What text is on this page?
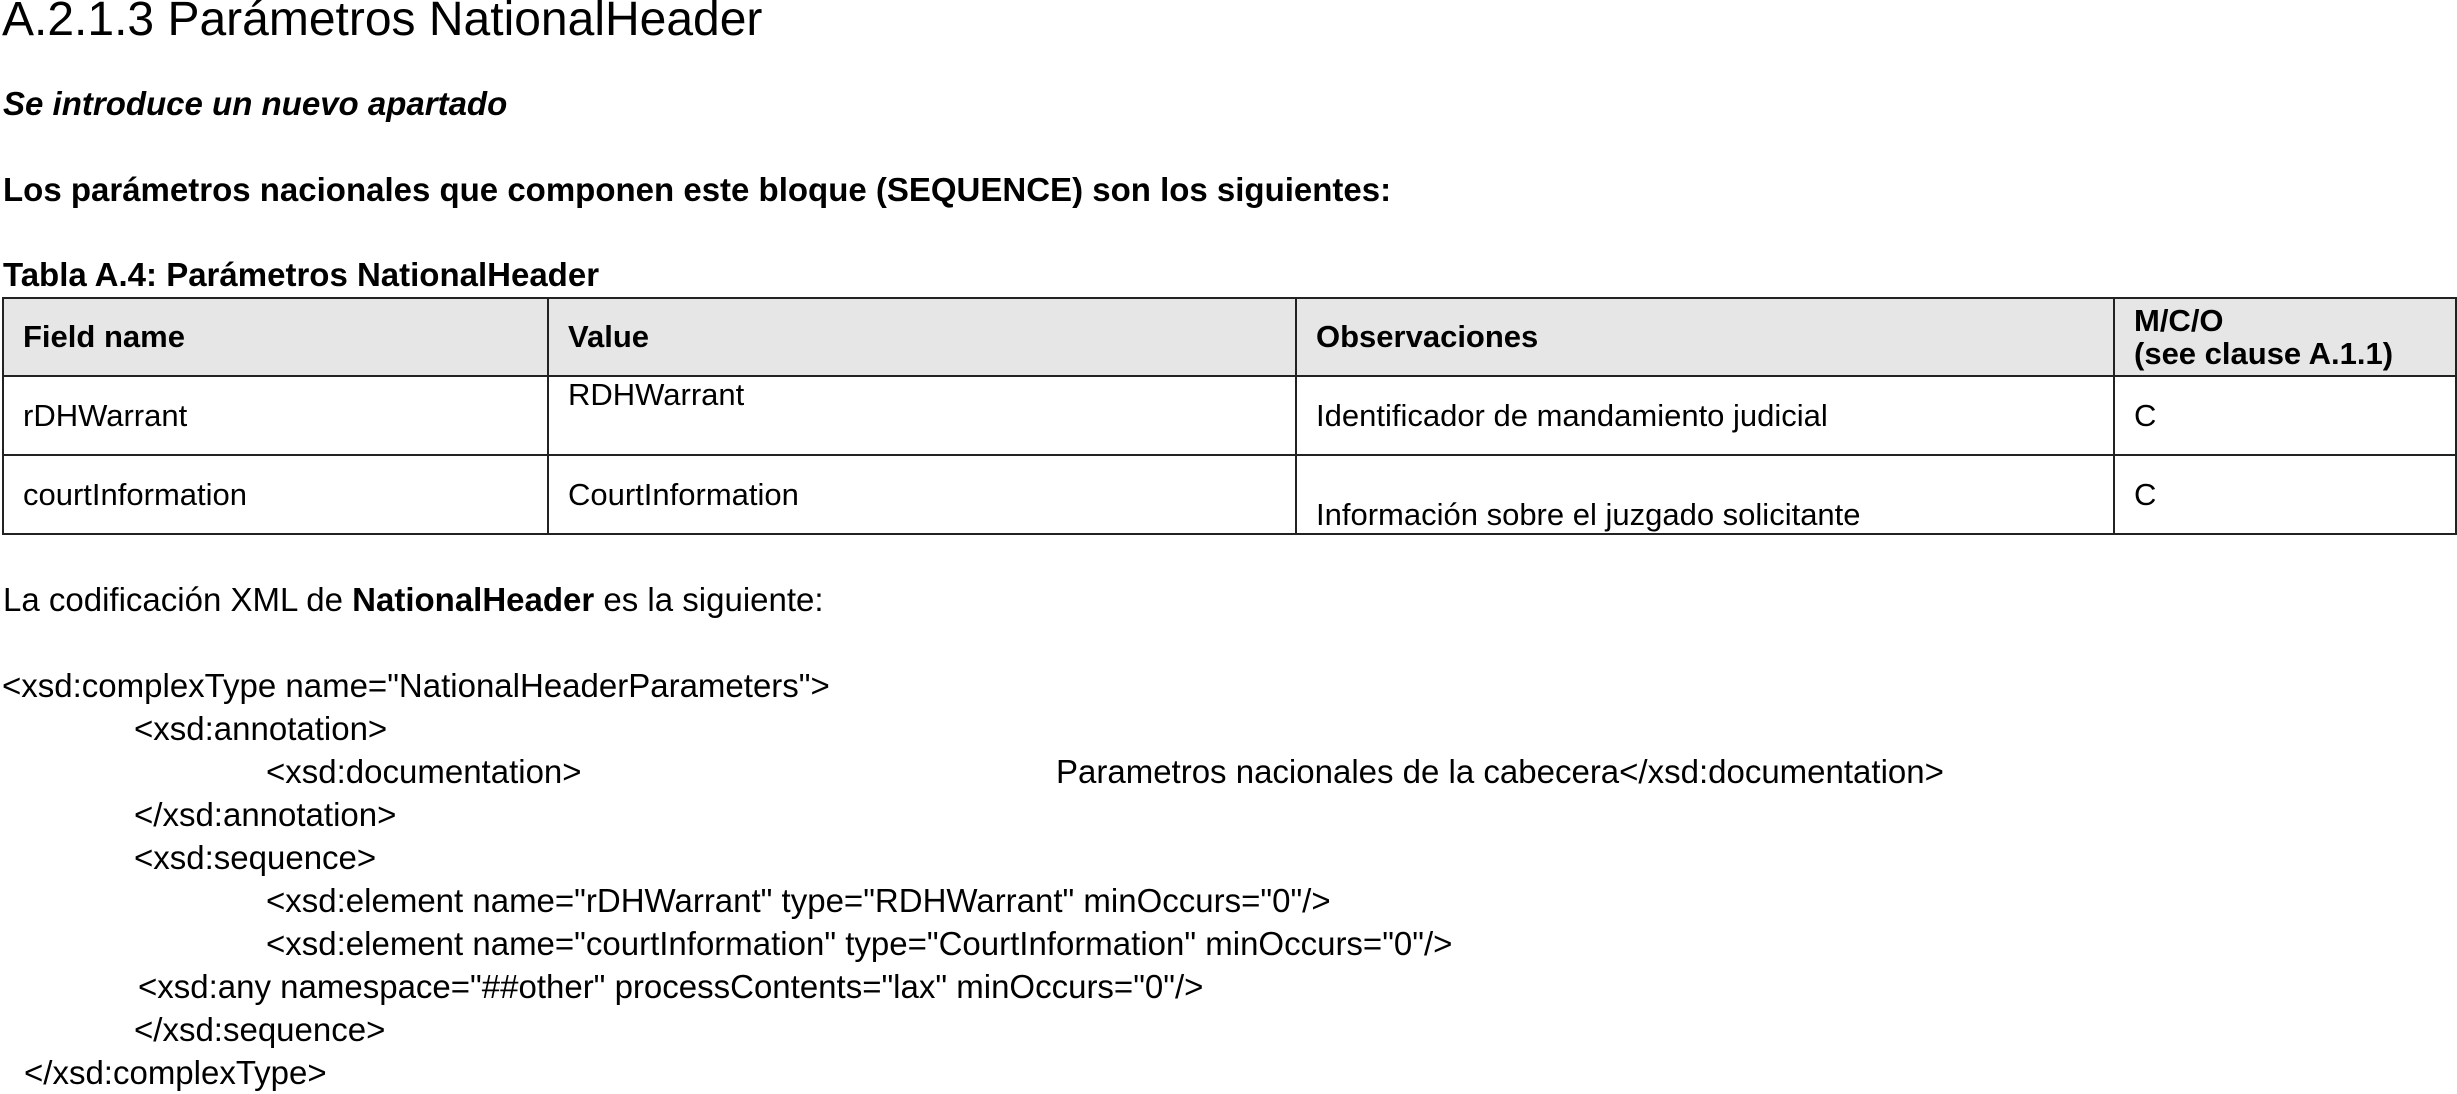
A.2.1.3 Parámetros NationalHeader
Se introduce un nuevo apartado
Los parámetros nacionales que componen este bloque (SEQUENCE) son los siguientes:
Tabla A.4: Parámetros NationalHeader
Field name	Value	Observaciones	M/C/O
(see clause A.1.1)
rDHWarrant	RDHWarrant	Identificador de mandamiento judicial	C
courtInformation	CourtInformation	Información sobre el juzgado solicitante	C
La codificación XML de NationalHeader es la siguiente:
<xsd:complexType name="NationalHeaderParameters">
<xsd:annotation>
<xsd:documentation>	Parametros nacionales de la cabecera</xsd:documentation>
</xsd:annotation>
<xsd:sequence>
<xsd:element name="rDHWarrant" type="RDHWarrant" minOccurs="0"/>
<xsd:element name="courtInformation" type="CourtInformation" minOccurs="0"/>
<xsd:any namespace="##other" processContents="lax" minOccurs="0"/>
</xsd:sequence>
</xsd:complexType>
